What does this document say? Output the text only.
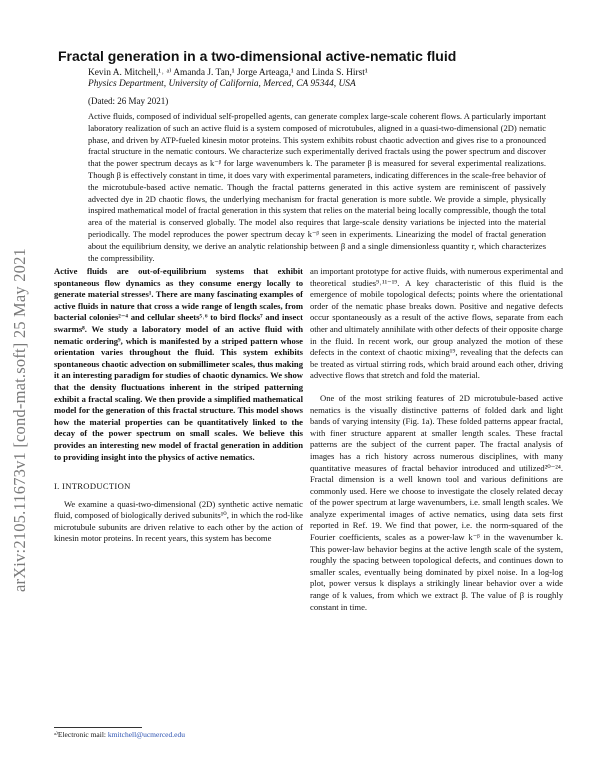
Fractal generation in a two-dimensional active-nematic fluid
Kevin A. Mitchell,¹˒ ᵃ⁾ Amanda J. Tan,¹ Jorge Arteaga,¹ and Linda S. Hirst¹
Physics Department, University of California, Merced, CA 95344, USA
(Dated: 26 May 2021)
Active fluids, composed of individual self-propelled agents, can generate complex large-scale coherent flows. A particularly important laboratory realization of such an active fluid is a system composed of microtubules, aligned in a quasi-two-dimensional (2D) nematic phase, and driven by ATP-fueled kinesin motor proteins. This system exhibits robust chaotic advection and gives rise to a pronounced fractal structure in the nematic contours. We characterize such experimentally derived fractals using the power spectrum and discover that the power spectrum decays as k⁻ᵝ for large wavenumbers k. The parameter β is measured for several experimental realizations. Though β is effectively constant in time, it does vary with experimental parameters, indicating differences in the scale-free behavior of the microtubule-based active nematic. Though the fractal patterns generated in this active system are reminiscent of passively advected dye in 2D chaotic flows, the underlying mechanism for fractal generation is more subtle. We provide a simple, physically inspired mathematical model of fractal generation in this system that relies on the material being locally compressible, though the total area of the material is conserved globally. The model also requires that large-scale density variations be injected into the material periodically. The model reproduces the power spectrum decay k⁻ᵝ seen in experiments. Linearizing the model of fractal generation about the equilibrium density, we derive an analytic relationship between β and a single dimensionless quantity r, which characterizes the compressibility.
arXiv:2105.11673v1 [cond-mat.soft] 25 May 2021	Active fluids are out-of-equilibrium systems that exhibit spontaneous flow dynamics as they consume energy locally to generate material stresses¹. There are many fascinating examples of active fluids in nature that cross a wide range of length scales, from bacterial colonies²⁻⁴ and cellular sheets⁵˒⁶ to bird flocks⁷ and insect swarms⁸. We study a laboratory model of an active fluid with nematic ordering⁹, which is manifested by a striped pattern whose orientation varies throughout the fluid. This system exhibits spontaneous chaotic advection on submillimeter scales, thus making it an interesting paradigm for studies of chaotic dynamics. We show that the density fluctuations inherent in the striped patterning exhibit a fractal scaling. We then provide a simplified mathematical model for the generation of this fractal structure. This model shows how the material properties can be quantitatively linked to the decay of the power spectrum on small scales. We believe this provides an interesting new model of fractal generation in addition to providing insight into the physics of active nematics.

I. INTRODUCTION

We examine a quasi-two-dimensional (2D) synthetic active nematic fluid, composed of biologically derived subunits¹⁰, in which the rod-like microtubule subunits are driven relative to each other by the action of kinesin motor proteins. In recent years, this system has become

an important prototype for active fluids, with numerous experimental and theoretical studies⁹˒¹¹⁻¹⁹. A key characteristic of this fluid is the emergence of mobile topological defects; points where the orientational order of the nematic phase breaks down. Positive and negative defects occur spontaneously as a result of the active flows, separate from each other and ultimately annihilate with other defects of their opposite charge in the fluid. In recent work, our group analyzed the motion of these defects in the context of chaotic mixing¹⁹, revealing that the defects can be treated as virtual stirring rods, which braid around each other, driving advective flows that stretch and fold the material.

One of the most striking features of 2D microtubule-based active nematics is the visually distinctive patterns of folded dark and light bands of varying intensity (Fig. 1a). These folded patterns appear fractal, with finer structure apparent at smaller length scales. These fractal patterns are the subject of the current paper. The fractal analysis of images has a rich history across numerous disciplines, with many quantitative measures of fractal behavior introduced and utilized²⁰⁻²⁴. Fractal dimension is a well known tool and various definitions are commonly used. Here we choose to investigate the closely related decay of the power spectrum at large wavenumbers, i.e. small length scales. We analyze experimental images of active nematics, using data sets first reported in Ref. 19. We find that power, i.e. the norm-squared of the Fourier coefficients, scales as a power-law k⁻ᵝ in the wavenumber k. This power-law behavior begins at the active length scale of the system, roughly the spacing between topological defects, and continues down to smaller scales, eventually being dominated by pixel noise. In a log-log plot, power versus k displays a strikingly linear behavior over a wide range of k values, from which we extract β. The value of β is roughly constant in time.

ᵃ⁾Electronic mail: kmitchell@ucmerced.edu
